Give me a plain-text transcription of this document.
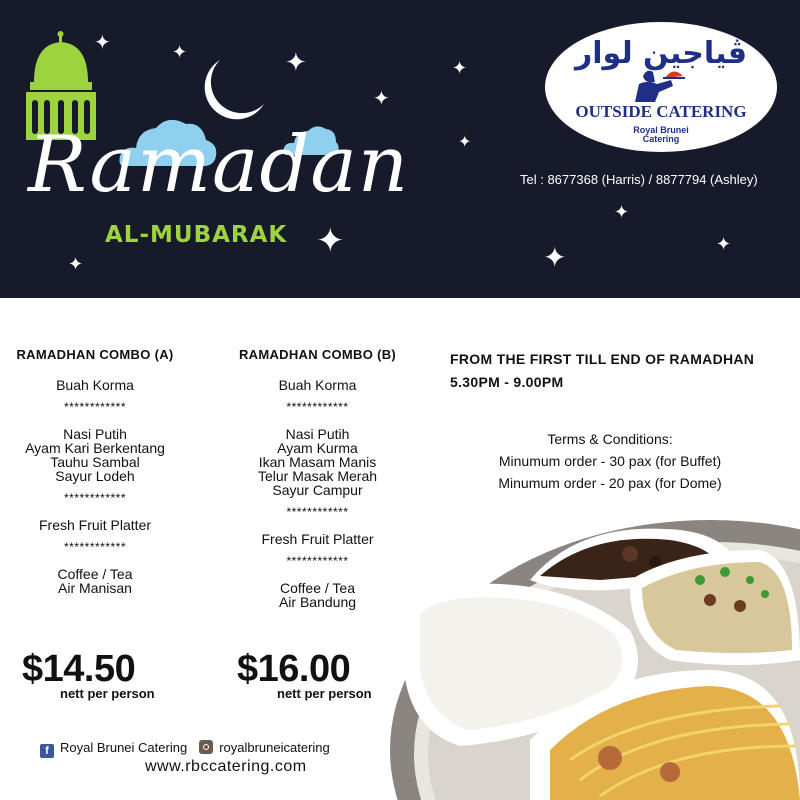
✦	✦	✦
✦
✦
✦
✦
✦
✦
✦
✦
Ramadan
AL-MUBARAK
ڤياجين لوار
OUTSIDE CATERING
Royal Brunei
Catering
Tel : 8677368 (Harris) / 8877794 (Ashley)
RAMADHAN COMBO (A)
Buah Korma
************
Nasi Putih
Ayam Kari Berkentang
Tauhu Sambal
Sayur Lodeh
************
Fresh Fruit Platter
************
Coffee / Tea
Air Manisan
$14.50
nett per person
RAMADHAN COMBO (B)
Buah Korma
************
Nasi Putih
Ayam Kurma
Ikan Masam Manis
Telur Masak Merah
Sayur Campur
************
Fresh Fruit Platter
************
Coffee / Tea
Air Bandung
$16.00
nett per person
FROM THE FIRST TILL END OF RAMADHAN
5.30PM - 9.00PM
Terms & Conditions:
Minumum order - 30 pax (for Buffet)
Minumum order - 20 pax (for Dome)
f Royal Brunei Catering royalbruneicatering
www.rbccatering.com
